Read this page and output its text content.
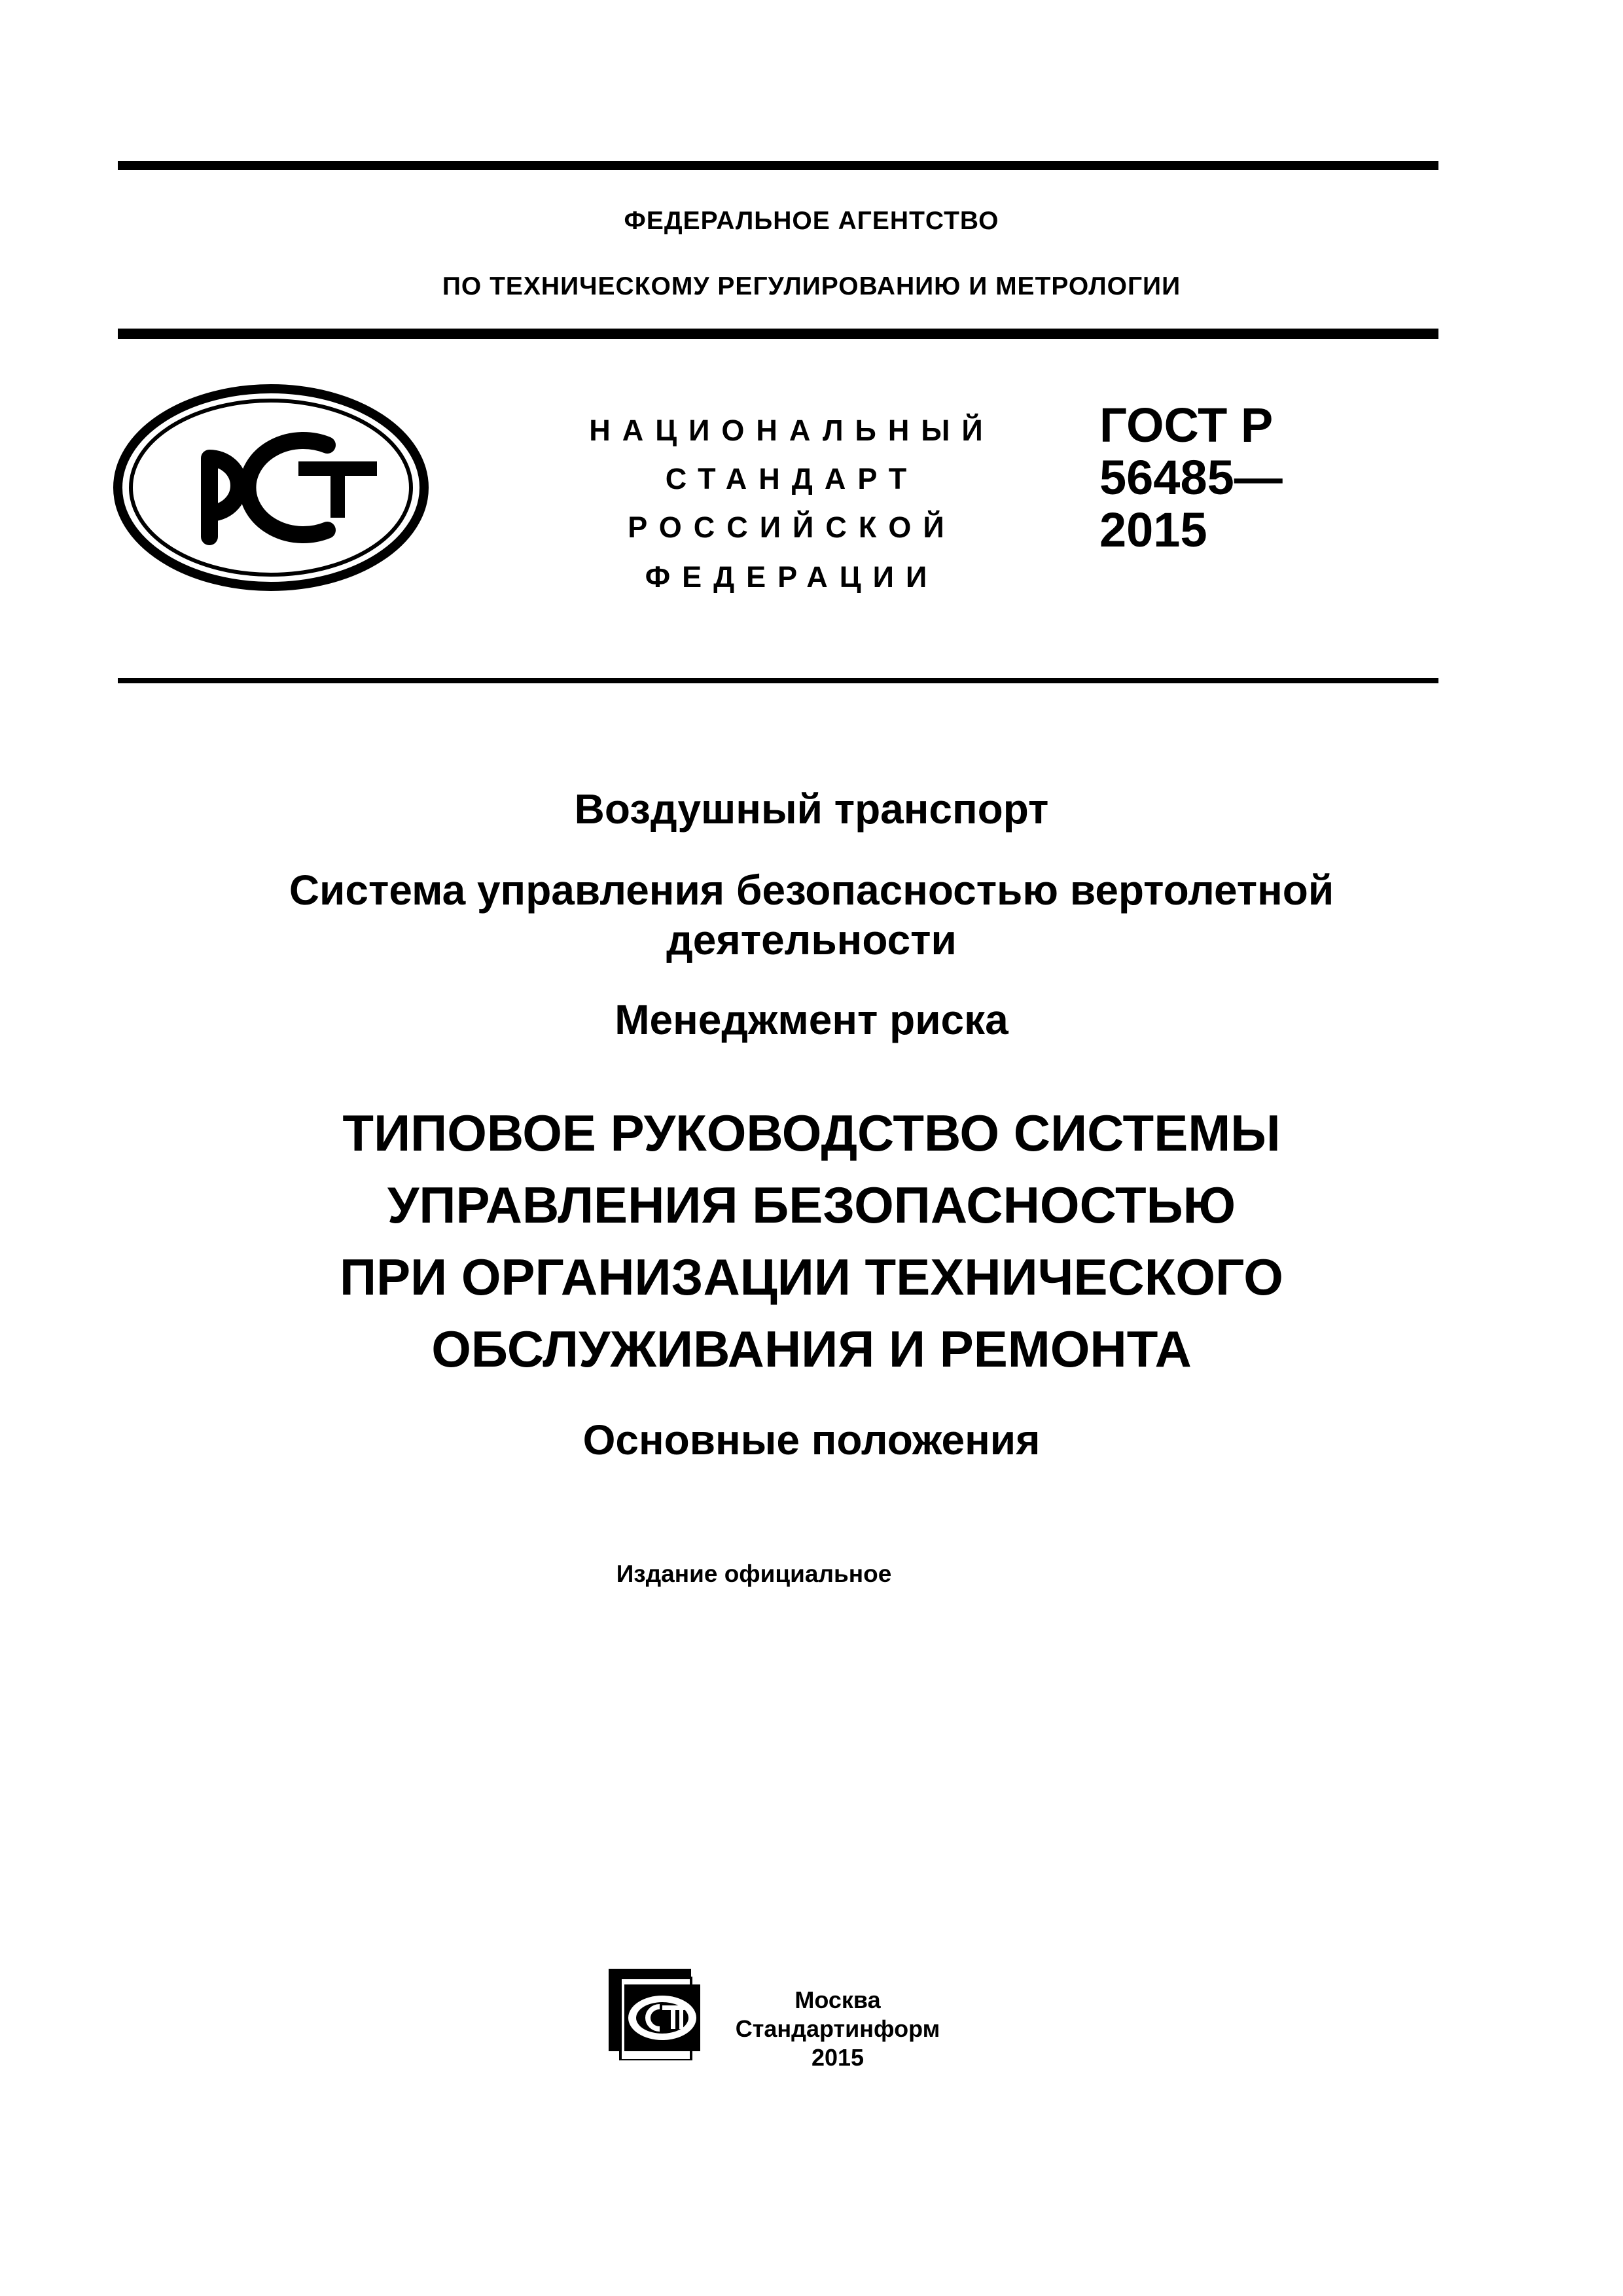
ФЕДЕРАЛЬНОЕ АГЕНТСТВО
ПО ТЕХНИЧЕСКОМУ РЕГУЛИРОВАНИЮ И МЕТРОЛОГИИ
НАЦИОНАЛЬНЫЙ
СТАНДАРТ
РОССИЙСКОЙ
ФЕДЕРАЦИИ
ГОСТ Р
56485—
2015
Воздушный транспорт
Система управления безопасностью вертолетной
деятельности
Менеджмент риска
ТИПОВОЕ РУКОВОДСТВО СИСТЕМЫ
УПРАВЛЕНИЯ БЕЗОПАСНОСТЬЮ
ПРИ ОРГАНИЗАЦИИ ТЕХНИЧЕСКОГО
ОБСЛУЖИВАНИЯ И РЕМОНТА
Основные положения
Издание официальное
Москва
Стандартинформ
2015
